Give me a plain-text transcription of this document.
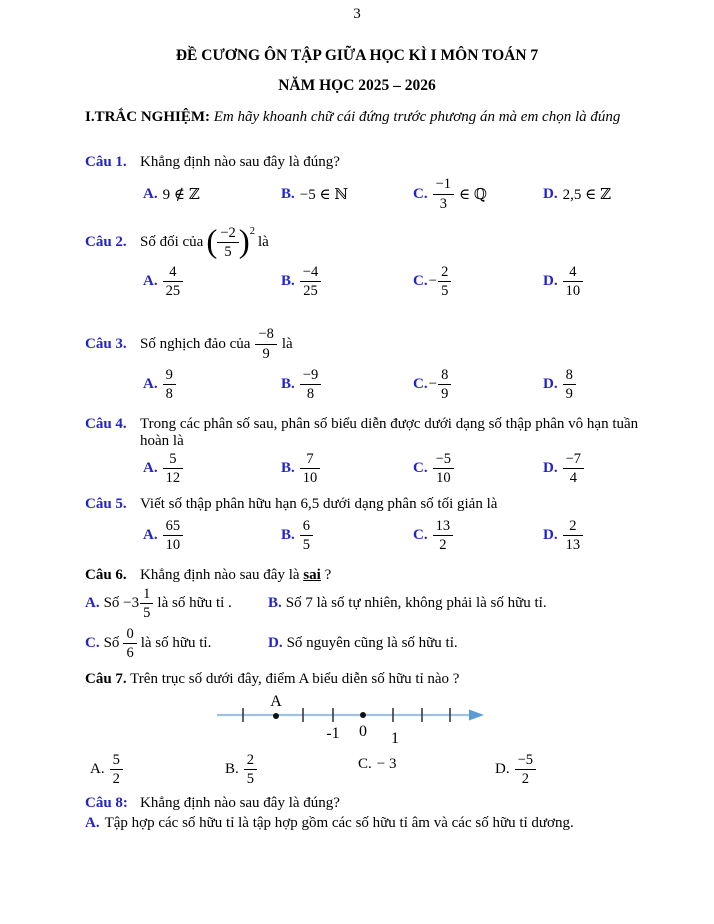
3
ĐỀ CƯƠNG ÔN TẬP GIỮA HỌC KÌ I MÔN TOÁN 7
NĂM HỌC 2025 – 2026
I.TRẮC NGHIỆM: Em hãy khoanh chữ cái đứng trước phương án mà em chọn là đúng
Câu 1. Khẳng định nào sau đây là đúng?
A. 9 ∉ ℤ	B. −5 ∈ ℕ	C. $\frac{-1}{3}$ ∈ ℚ	D. 2,5 ∈ ℤ
Câu 2. Số đối của ( $\frac{-2}{5}$ ) 2
là
A. $\frac{4}{25}$	B. $\frac{-4}{25}$	C. − $\frac{2}{5}$	D. $\frac{4}{10}$
Câu 3. Số nghịch đảo của $\frac{-8}{9}$ là
A. $\frac{9}{8}$	B. $\frac{-9}{8}$	C. − $\frac{8}{9}$	D. $\frac{8}{9}$
Câu 4. Trong các phân số sau, phân số biểu diễn được dưới dạng số thập phân vô hạn tuần hoàn là
A. $\frac{5}{12}$	B. $\frac{7}{10}$	C. $\frac{-5}{10}$	D. $\frac{-7}{4}$
Câu 5. Viết số thập phân hữu hạn 6,5 dưới dạng phân số tối giản là
A. $\frac{65}{10}$	B. $\frac{6}{5}$	C. $\frac{13}{2}$	D. $\frac{2}{13}$
Câu 6. Khẳng định nào sau đây là sai ?
A. Số $-3 \frac{1}{5}$ là số hữu tỉ . B. Số 7 là số tự nhiên, không phải là số hữu tỉ.
C. Số $\frac{0}{6}$ là số hữu tỉ.	D. Số nguyên cũng là số hữu tỉ.
Câu 7. Trên trục số dưới đây, điểm A biểu diễn số hữu tỉ nào ?
A
-1 0 1
A. $\frac{5}{2}$	B. $\frac{2}{5}$	C. − 3	D. $\frac{-5}{2}$
Câu 8: Khẳng định nào sau đây là đúng?
A. Tập hợp các số hữu tỉ là tập hợp gồm các số hữu tỉ âm và các số hữu tỉ dương.
